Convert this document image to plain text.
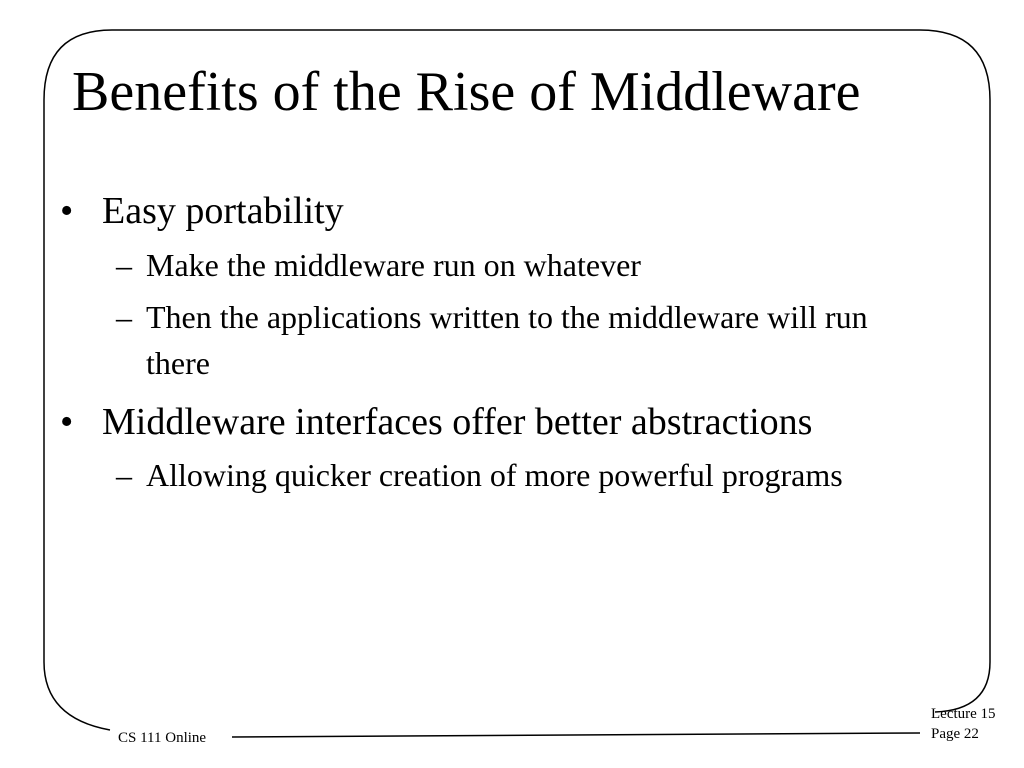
Benefits of the Rise of Middleware
• Easy portability
– Make the middleware run on whatever
– Then the applications written to the middleware will run there
• Middleware interfaces offer better abstractions
– Allowing quicker creation of more powerful programs
CS 111 Online
Lecture 15
Page 22
